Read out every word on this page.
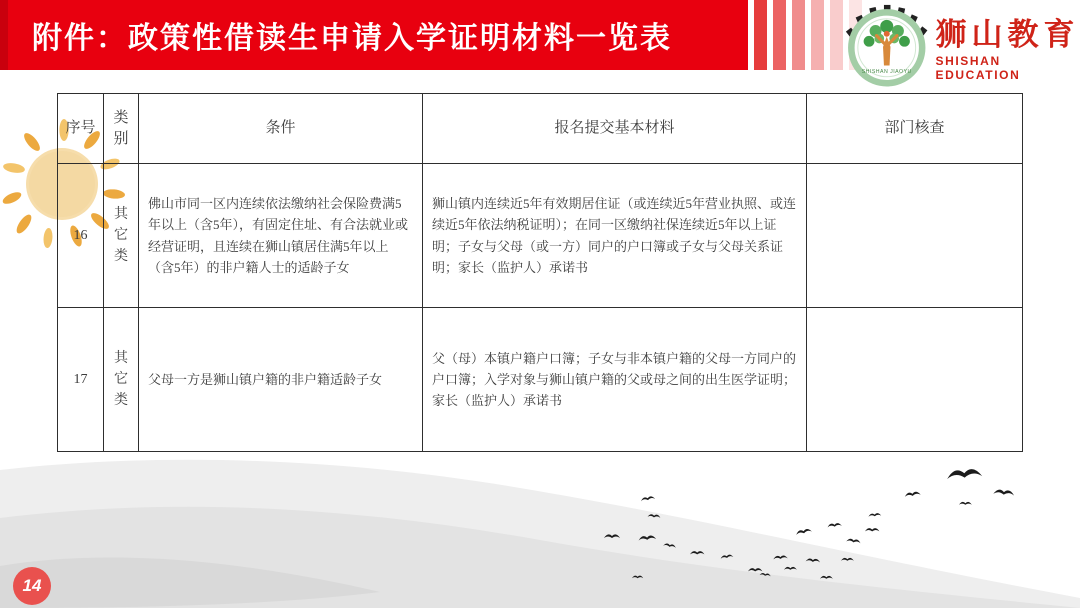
附件：政策性借读生申请入学证明材料一览表
SHISHAN JIAOYU
狮山教育
SHISHAN EDUCATION
序号	类别	条件	报名提交基本材料	部门核查
16	其它类	佛山市同一区内连续依法缴纳社会保险费满5年以上（含5年），有固定住址、有合法就业或经营证明，且连续在狮山镇居住满5年以上（含5年）的非户籍人士的适龄子女	狮山镇内连续近5年有效期居住证（或连续近5年营业执照、或连续近5年依法纳税证明）；在同一区缴纳社保连续近5年以上证明；子女与父母（或一方）同户的户口簿或子女与父母关系证明；家长（监护人）承诺书	
17	其它类	父母一方是狮山镇户籍的非户籍适龄子女	父（母）本镇户籍户口簿；子女与非本镇户籍的父母一方同户的户口簿；入学对象与狮山镇户籍的父或母之间的出生医学证明；家长（监护人）承诺书	
14
